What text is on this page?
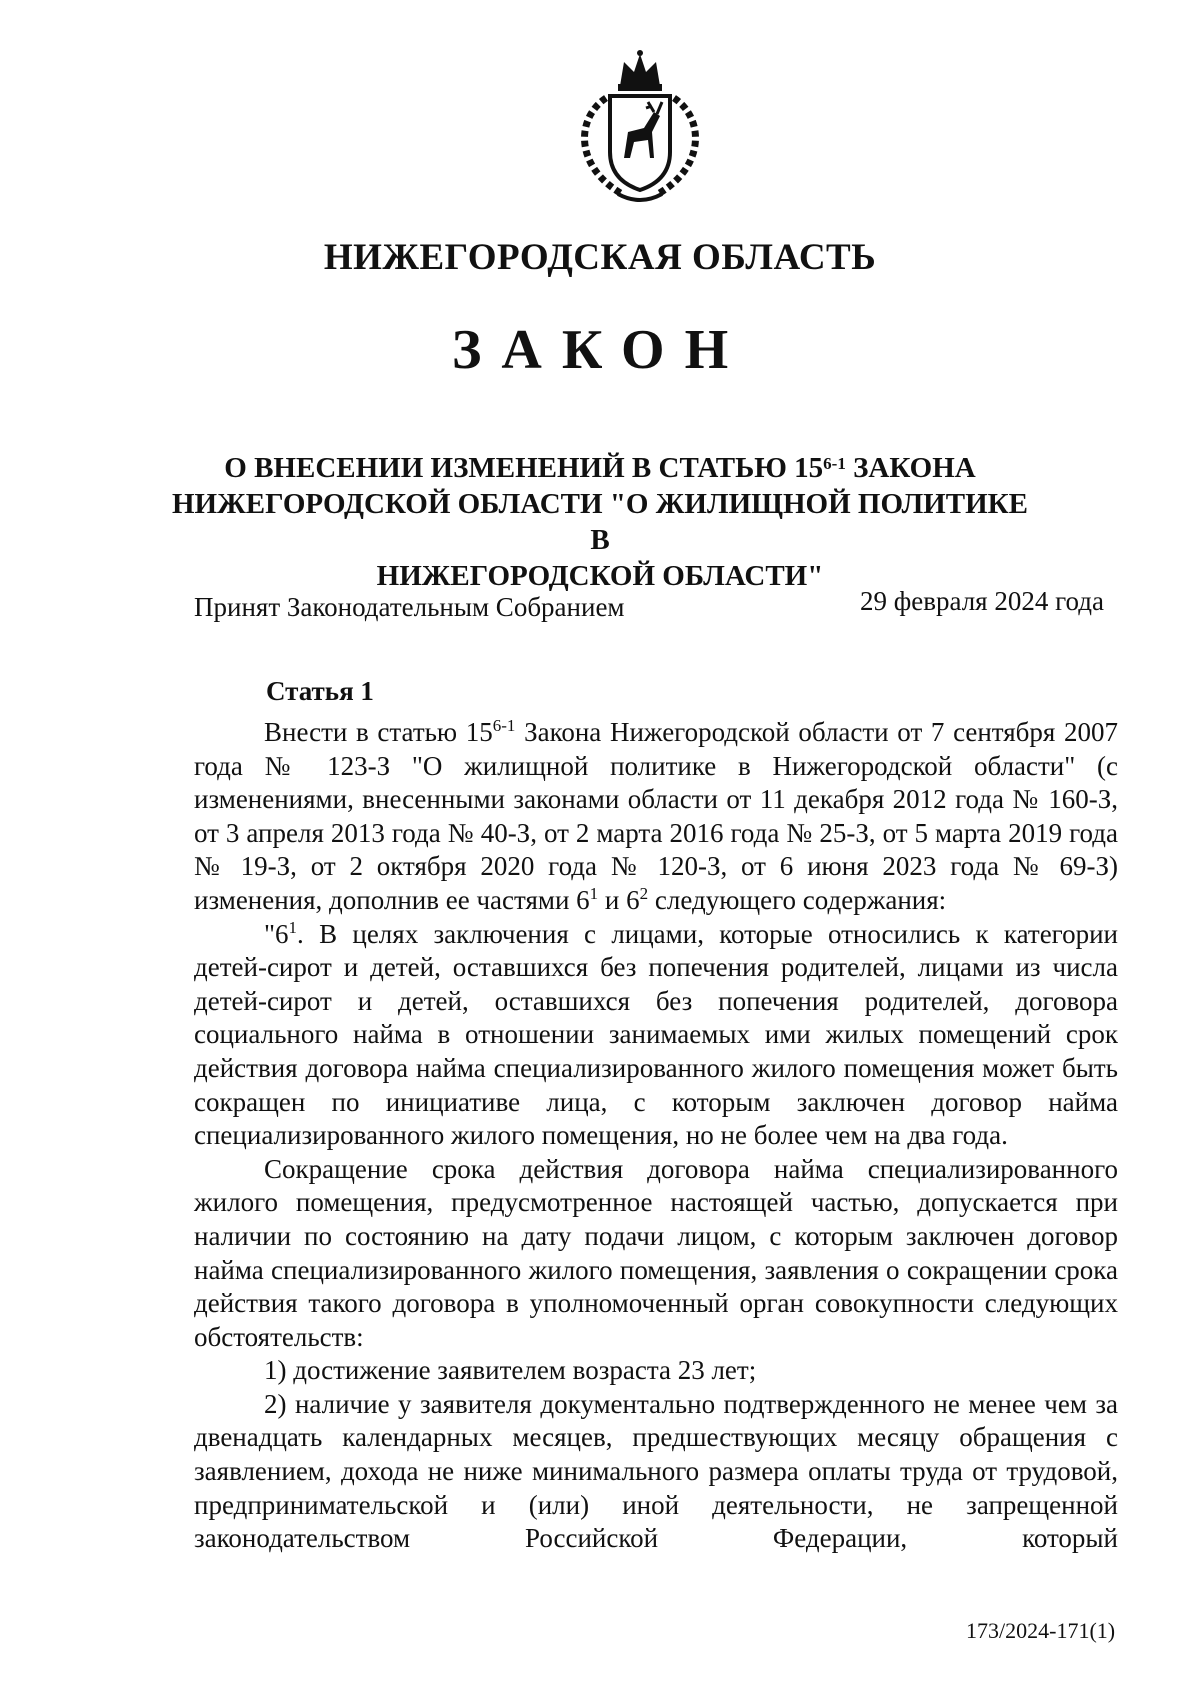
НИЖЕГОРОДСКАЯ ОБЛАСТЬ
ЗАКОН
О ВНЕСЕНИИ ИЗМЕНЕНИЙ В СТАТЬЮ 15$^{6-1}$ ЗАКОНА
НИЖЕГОРОДСКОЙ ОБЛАСТИ "О ЖИЛИЩНОЙ ПОЛИТИКЕ В
НИЖЕГОРОДСКОЙ ОБЛАСТИ"
Принят Законодательным Собранием	29 февраля 2024 года
Статья 1

Внести в статью 15$^{6-1}$ Закона Нижегородской области от 7 сентября 2007 года № 123-З "О жилищной политике в Нижегородской области" (с изменениями, внесенными законами области от 11 декабря 2012 года № 160-З, от 3 апреля 2013 года № 40-З, от 2 марта 2016 года № 25-З, от 5 марта 2019 года № 19-З, от 2 октября 2020 года № 120-З, от 6 июня 2023 года № 69-З) изменения, дополнив ее частями $6^1$ и $6^2$ следующего содержания:

"$6^1$. В целях заключения с лицами, которые относились к категории детей-сирот и детей, оставшихся без попечения родителей, лицами из числа детей-сирот и детей, оставшихся без попечения родителей, договора социального найма в отношении занимаемых ими жилых помещений срок действия договора найма специализированного жилого помещения может быть сокращен по инициативе лица, с которым заключен договор найма специализированного жилого помещения, но не более чем на два года.

Сокращение срока действия договора найма специализированного жилого помещения, предусмотренное настоящей частью, допускается при наличии по состоянию на дату подачи лицом, с которым заключен договор найма специализированного жилого помещения, заявления о сокращении срока действия такого договора в уполномоченный орган совокупности следующих обстоятельств:

1) достижение заявителем возраста 23 лет;

2) наличие у заявителя документально подтвержденного не менее чем за двенадцать календарных месяцев, предшествующих месяцу обращения с заявлением, дохода не ниже минимального размера оплаты труда от трудовой, предпринимательской и (или) иной деятельности, не запрещенной законодательством Российской Федерации, который

173/2024-171(1)
